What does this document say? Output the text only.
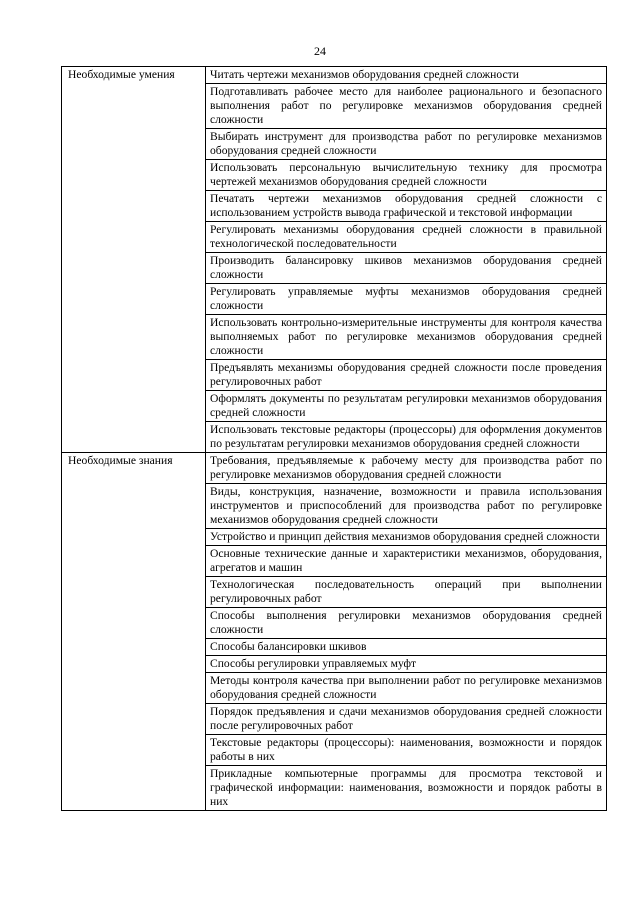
24
Необходимые умения	Читать чертежи механизмов оборудования средней сложности
	Подготавливать рабочее место для наиболее рационального и безопасного выполнения работ по регулировке механизмов оборудования средней сложности
	Выбирать инструмент для производства работ по регулировке механизмов оборудования средней сложности
	Использовать персональную вычислительную технику для просмотра чертежей механизмов оборудования средней сложности
	Печатать чертежи механизмов оборудования средней сложности с использованием устройств вывода графической и текстовой информации
	Регулировать механизмы оборудования средней сложности в правильной технологической последовательности
	Производить балансировку шкивов механизмов оборудования средней сложности
	Регулировать управляемые муфты механизмов оборудования средней сложности
	Использовать контрольно-измерительные инструменты для контроля качества выполняемых работ по регулировке механизмов оборудования средней сложности
	Предъявлять механизмы оборудования средней сложности после проведения регулировочных работ
	Оформлять документы по результатам регулировки механизмов оборудования средней сложности
	Использовать текстовые редакторы (процессоры) для оформления документов по результатам регулировки механизмов оборудования средней сложности
Необходимые знания	Требования, предъявляемые к рабочему месту для производства работ по регулировке механизмов оборудования средней сложности
	Виды, конструкция, назначение, возможности и правила использования инструментов и приспособлений для производства работ по регулировке механизмов оборудования средней сложности
	Устройство и принцип действия механизмов оборудования средней сложности
	Основные технические данные и характеристики механизмов, оборудования, агрегатов и машин
	Технологическая последовательность операций при выполнении регулировочных работ
	Способы выполнения регулировки механизмов оборудования средней сложности
	Способы балансировки шкивов
	Способы регулировки управляемых муфт
	Методы контроля качества при выполнении работ по регулировке механизмов оборудования средней сложности
	Порядок предъявления и сдачи механизмов оборудования средней сложности после регулировочных работ
	Текстовые редакторы (процессоры): наименования, возможности и порядок работы в них
	Прикладные компьютерные программы для просмотра текстовой и графической информации: наименования, возможности и порядок работы в них
